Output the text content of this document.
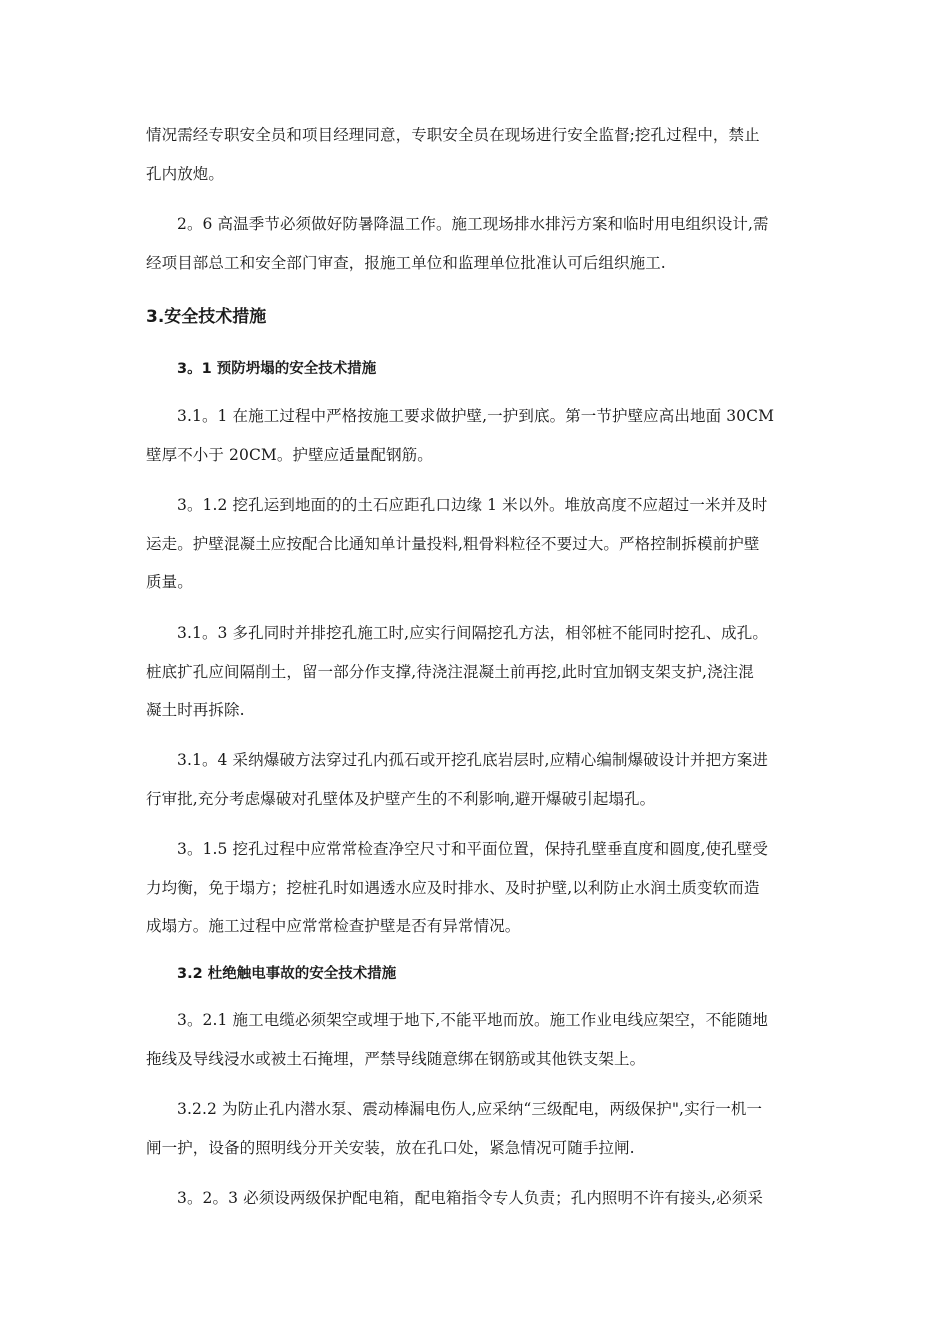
情况需经专职安全员和项目经理同意，专职安全员在现场进行安全监督;挖孔过程中，禁止
孔内放炮。
2。6 高温季节必须做好防暑降温工作。施工现场排水排污方案和临时用电组织设计,需
经项目部总工和安全部门审查，报施工单位和监理单位批准认可后组织施工.
3.安全技术措施
3。1 预防坍塌的安全技术措施
3.1。1 在施工过程中严格按施工要求做护壁,一护到底。第一节护壁应高出地面 30CM
壁厚不小于 20CM。护壁应适量配钢筋。
3。1.2 挖孔运到地面的的土石应距孔口边缘 1 米以外。堆放高度不应超过一米并及时
运走。护壁混凝土应按配合比通知单计量投料,粗骨料粒径不要过大。严格控制拆模前护壁
质量。
3.1。3 多孔同时并排挖孔施工时,应实行间隔挖孔方法，相邻桩不能同时挖孔、成孔。
桩底扩孔应间隔削土，留一部分作支撑,待浇注混凝土前再挖,此时宜加钢支架支护,浇注混
凝土时再拆除.
3.1。4 采纳爆破方法穿过孔内孤石或开挖孔底岩层时,应精心编制爆破设计并把方案进
行审批,充分考虑爆破对孔壁体及护壁产生的不利影响,避开爆破引起塌孔。
3。1.5 挖孔过程中应常常检查净空尺寸和平面位置，保持孔壁垂直度和圆度,使孔壁受
力均衡，免于塌方；挖桩孔时如遇透水应及时排水、及时护壁,以利防止水润土质变软而造
成塌方。施工过程中应常常检查护壁是否有异常情况。
3.2 杜绝触电事故的安全技术措施
3。2.1 施工电缆必须架空或埋于地下,不能平地而放。施工作业电线应架空，不能随地
拖线及导线浸水或被土石掩埋，严禁导线随意绑在钢筋或其他铁支架上。
3.2.2 为防止孔内潜水泵、震动棒漏电伤人,应采纳“三级配电，两级保护",实行一机一
闸一护，设备的照明线分开关安装，放在孔口处，紧急情况可随手拉闸.
3。2。3 必须设两级保护配电箱，配电箱指令专人负责；孔内照明不许有接头,必须采
